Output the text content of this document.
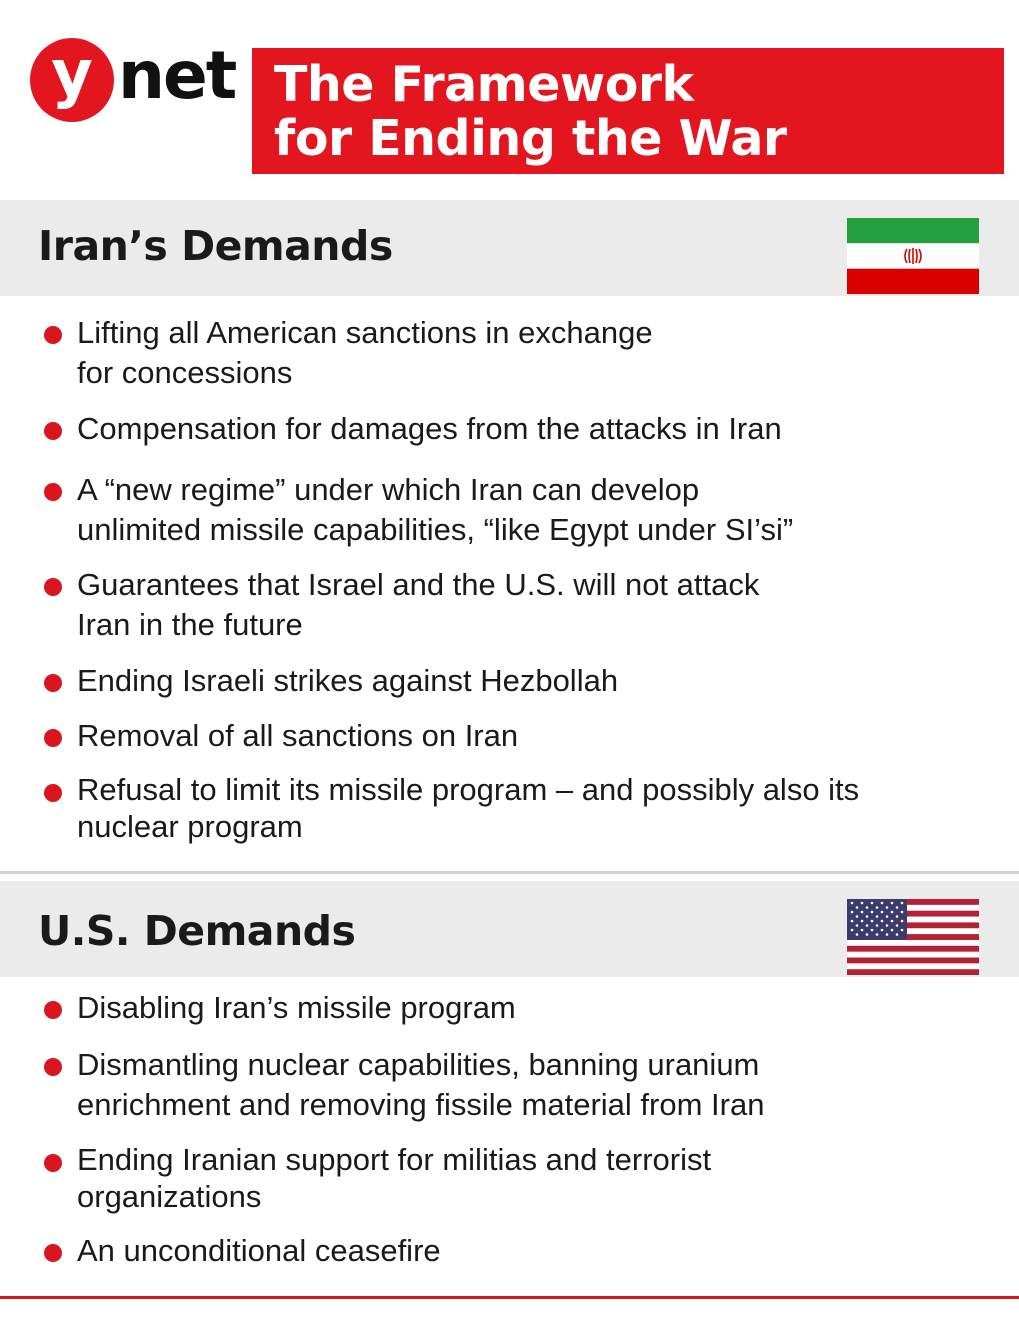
y net The Framework
for Ending the War
Iran’s Demands
Lifting all American sanctions in exchange
for concessions
Compensation for damages from the attacks in Iran
A “new regime” under which Iran can develop
unlimited missile capabilities, “like Egypt under SI’si”
Guarantees that Israel and the U.S. will not attack
Iran in the future
Ending Israeli strikes against Hezbollah
Removal of all sanctions on Iran
Refusal to limit its missile program – and possibly also its
nuclear program
U.S. Demands
Disabling Iran’s missile program
Dismantling nuclear capabilities, banning uranium
enrichment and removing fissile material from Iran
Ending Iranian support for militias and terrorist
organizations
An unconditional ceasefire
